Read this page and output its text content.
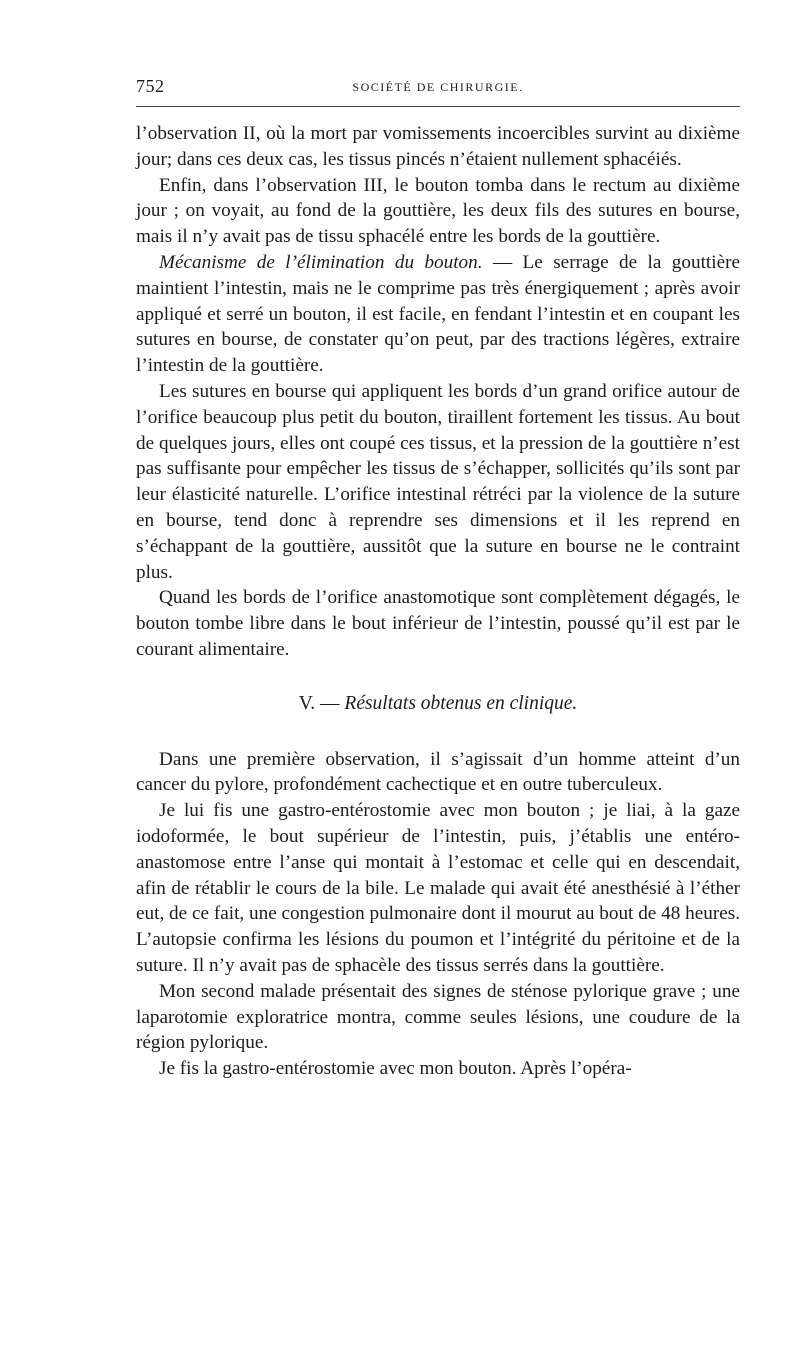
752	SOCIÉTÉ DE CHIRURGIE.

l’observation II, où la mort par vomissements incoercibles survint au dixième jour; dans ces deux cas, les tissus pincés n’étaient nullement sphacéiés.

Enfin, dans l’observation III, le bouton tomba dans le rectum au dixième jour ; on voyait, au fond de la gouttière, les deux fils des sutures en bourse, mais il n’y avait pas de tissu sphacélé entre les bords de la gouttière.

Mécanisme de l’élimination du bouton. — Le serrage de la gouttière maintient l’intestin, mais ne le comprime pas très énergiquement ; après avoir appliqué et serré un bouton, il est facile, en fendant l’intestin et en coupant les sutures en bourse, de constater qu’on peut, par des tractions légères, extraire l’intestin de la gouttière.

Les sutures en bourse qui appliquent les bords d’un grand orifice autour de l’orifice beaucoup plus petit du bouton, tiraillent fortement les tissus. Au bout de quelques jours, elles ont coupé ces tissus, et la pression de la gouttière n’est pas suffisante pour empêcher les tissus de s’échapper, sollicités qu’ils sont par leur élasticité naturelle. L’orifice intestinal rétréci par la violence de la suture en bourse, tend donc à reprendre ses dimensions et il les reprend en s’échappant de la gouttière, aussitôt que la suture en bourse ne le contraint plus.

Quand les bords de l’orifice anastomotique sont complètement dégagés, le bouton tombe libre dans le bout inférieur de l’intestin, poussé qu’il est par le courant alimentaire.

V. — Résultats obtenus en clinique.

Dans une première observation, il s’agissait d’un homme atteint d’un cancer du pylore, profondément cachectique et en outre tuberculeux.

Je lui fis une gastro-entérostomie avec mon bouton ; je liai, à la gaze iodoformée, le bout supérieur de l’intestin, puis, j’établis une entéro-anastomose entre l’anse qui montait à l’estomac et celle qui en descendait, afin de rétablir le cours de la bile. Le malade qui avait été anesthésié à l’éther eut, de ce fait, une congestion pulmonaire dont il mourut au bout de 48 heures. L’autopsie confirma les lésions du poumon et l’intégrité du péritoine et de la suture. Il n’y avait pas de sphacèle des tissus serrés dans la gouttière.

Mon second malade présentait des signes de sténose pylorique grave ; une laparotomie exploratrice montra, comme seules lésions, une coudure de la région pylorique.

Je fis la gastro-entérostomie avec mon bouton. Après l’opéra-
